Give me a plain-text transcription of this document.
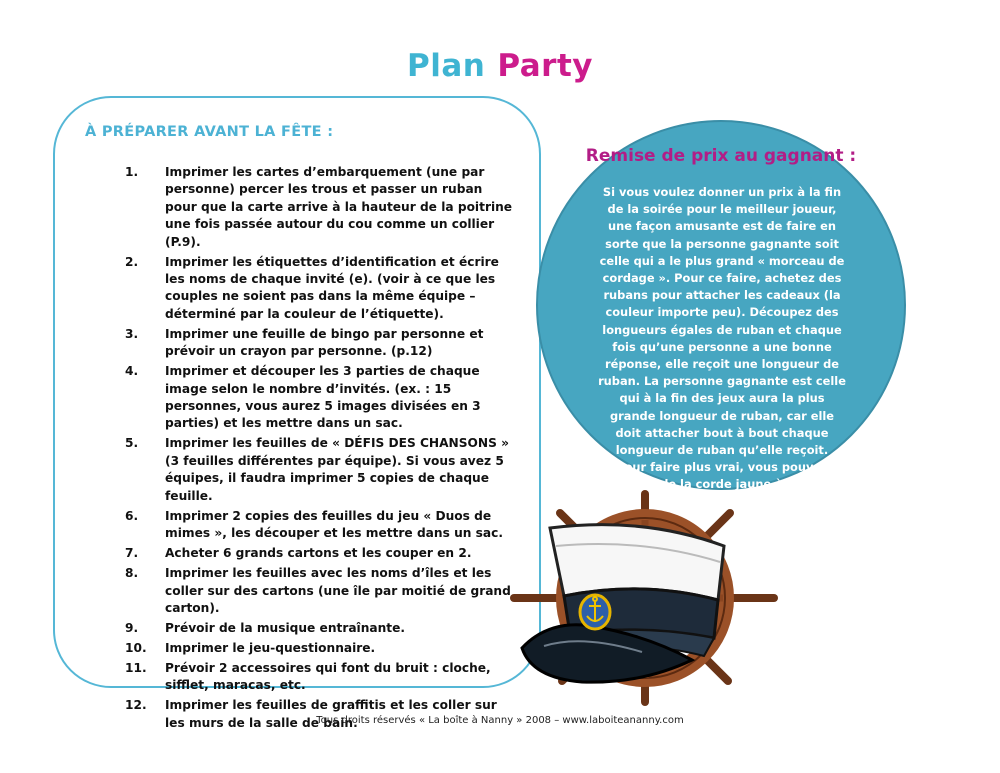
Plan Party
À PRÉPARER AVANT LA FÊTE :
1. Imprimer les cartes d’embarquement (une par personne) percer les trous et passer un ruban pour que la carte arrive à la hauteur de la poitrine une fois passée autour du cou comme un collier (P.9).
2. Imprimer les étiquettes d’identification et écrire les noms de chaque invité (e). (voir à ce que les couples ne soient pas dans la même équipe – déterminé par la couleur de l’étiquette).
3. Imprimer une feuille de bingo par personne et prévoir un crayon par personne. (p.12)
4. Imprimer et découper les 3 parties de chaque image selon le nombre d’invités. (ex. : 15 personnes, vous aurez 5 images divisées en 3 parties) et les mettre dans un sac.
5. Imprimer les feuilles de « DÉFIS DES CHANSONS » (3 feuilles différentes par équipe). Si vous avez 5 équipes, il faudra imprimer 5 copies de chaque feuille.
6. Imprimer 2 copies des feuilles du jeu « Duos de mimes », les découper et les mettre dans un sac.
7. Acheter 6 grands cartons et les couper en 2.
8. Imprimer les feuilles avec les noms d’îles et les coller sur des cartons (une île par moitié de grand carton).
9. Prévoir de la musique entraînante.
10. Imprimer le jeu-questionnaire.
11. Prévoir 2 accessoires qui font du bruit : cloche, sifflet, maracas, etc.
12. Imprimer les feuilles de graffitis et les coller sur les murs de la salle de bain.
Remise de prix au gagnant :

Si vous voulez donner un prix à la fin de la soirée pour le meilleur joueur, une façon amusante est de faire en sorte que la personne gagnante soit celle qui a le plus grand « morceau de cordage ». Pour ce faire, achetez des rubans pour attacher les cadeaux (la couleur importe peu). Découpez des longueurs égales de ruban et chaque fois qu’une personne a une bonne réponse, elle reçoit une longueur de ruban. La personne gagnante est celle qui à la fin des jeux aura la plus grande longueur de ruban, car elle doit attacher bout à bout chaque longueur de ruban qu’elle reçoit.

Pour faire plus vrai, vous pouvez acheter de la corde jaune à bateau!

Tous droits réservés « La boîte à Nanny » 2008 – www.laboiteananny.com
